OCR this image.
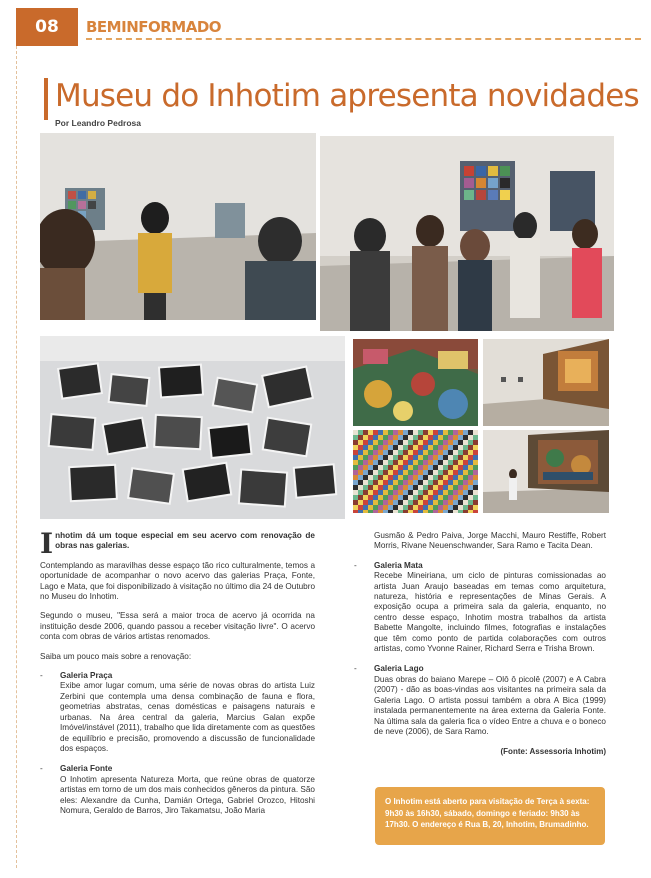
08	BEMINFORMADO
Museu do Inhotim apresenta novidades
Por Leandro Pedrosa

I nhotim dá um toque especial em seu acervo com renovação de obras nas galerias.

Contemplando as maravilhas desse espaço tão rico culturalmente, temos a oportunidade de acompanhar o novo acervo das galerias Praça, Fonte, Lago e Mata, que foi disponibilizado à visitação no último dia 24 de Outubro no Museu do Inhotim.

Segundo o museu, "Essa será a maior troca de acervo já ocorrida na instituição desde 2006, quando passou a receber visitação livre". O acervo conta com obras de vários artistas renomados.

Saiba um pouco mais sobre a renovação:

- Galeria Praça
Exibe amor lugar comum, uma série de novas obras do artista Luiz Zerbini que contempla uma densa combinação de fauna e flora, geometrias abstratas, cenas domésticas e paisagens naturais e urbanas. Na área central da galeria, Marcius Galan expõe Imóvel/instável (2011), trabalho que lida diretamente com as questões de equilíbrio e precisão, promovendo a discussão de funcionalidade dos espaços.
- Galeria Fonte
O Inhotim apresenta Natureza Morta, que reúne obras de quatorze artistas em torno de um dos mais conhecidos gêneros da pintura. São eles: Alexandre da Cunha, Damián Ortega, Gabriel Orozco, Hitoshi Nomura, Geraldo de Barros, Jiro Takamatsu, João Maria

Gusmão & Pedro Paiva, Jorge Macchi, Mauro Restiffe, Robert Morris, Rivane Neuenschwander, Sara Ramo e Tacita Dean.

- Galeria Mata
Recebe Mineiriana, um ciclo de pinturas comissionadas ao artista Juan Araujo baseadas em temas como arquitetura, natureza, história e representações de Minas Gerais. A exposição ocupa a primeira sala da galeria, enquanto, no centro desse espaço, Inhotim mostra trabalhos da artista Babette Mangolte, incluindo filmes, fotografias e instalações que têm como ponto de partida colaborações com outros artistas, como Yvonne Rainer, Richard Serra e Trisha Brown.
- Galeria Lago
Duas obras do baiano Marepe – Olô ô picolê (2007) e A Cabra (2007) - dão as boas-vindas aos visitantes na primeira sala da Galeria Lago. O artista possui também a obra A Bica (1999) instalada permanentemente na área externa da Galeria Fonte. Na última sala da galeria fica o vídeo Entre a chuva e o boneco de neve (2006), de Sara Ramo.
(Fonte: Assessoria Inhotim)
O Inhotim está aberto para visitação de Terça à sexta: 9h30 às 16h30, sábado, domingo e feriado: 9h30 às 17h30. O endereço é Rua B, 20, Inhotim, Brumadinho.
